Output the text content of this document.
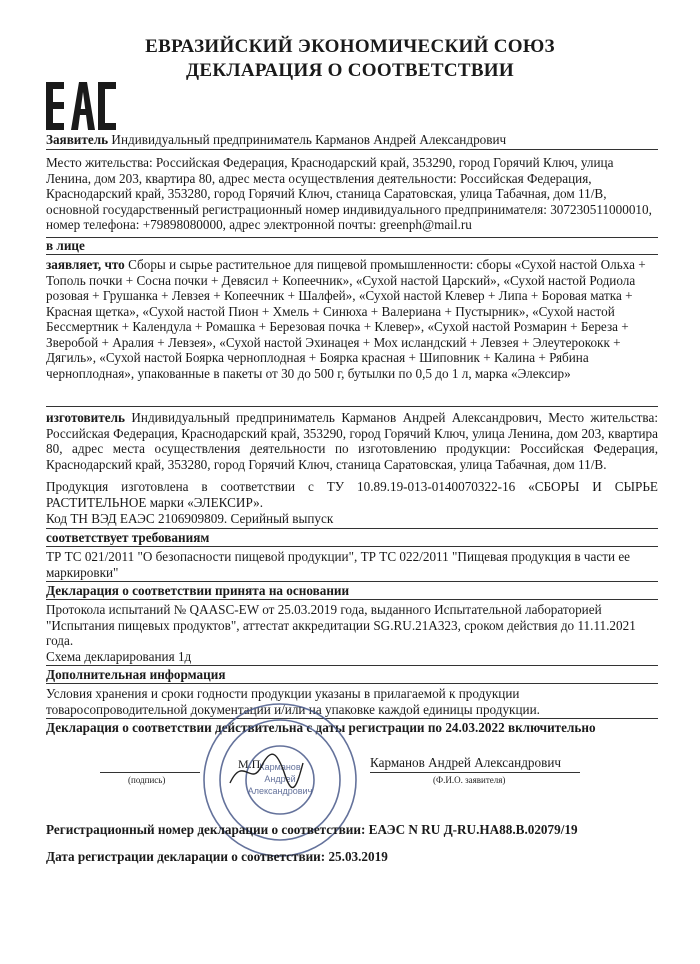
ЕВРАЗИЙСКИЙ ЭКОНОМИЧЕСКИЙ СОЮЗ
ДЕКЛАРАЦИЯ О СООТВЕТСТВИИ
Заявитель Индивидуальный предприниматель Карманов Андрей Александрович
Место жительства: Российская Федерация, Краснодарский край, 353290, город Горячий Ключ, улица Ленина, дом 203, квартира 80, адрес места осуществления деятельности: Российская Федерация, Краснодарский край, 353280, город Горячий Ключ, станица Саратовская, улица Табачная, дом 11/В, основной государственный регистрационный номер индивидуального предпринимателя: 307230511000010, номер телефона: +79898080000, адрес электронной почты: greenph@mail.ru
в лице
заявляет, что Сборы и сырье растительное для пищевой промышленности: сборы «Сухой настой Ольха + Тополь почки + Сосна почки + Девясил + Копеечник», «Сухой настой Царский», «Сухой настой Родиола розовая + Грушанка + Левзея + Копеечник + Шалфей», «Сухой настой Клевер + Липа + Боровая матка + Красная щетка», «Сухой настой Пион + Хмель + Синюха + Валериана + Пустырник», «Сухой настой Бессмертник + Календула + Ромашка + Березовая почка + Клевер», «Сухой настой Розмарин + Береза + Зверобой + Аралия + Левзея», «Сухой настой Эхинацея + Мох исландский + Левзея + Элеутерококк + Дягиль», «Сухой настой Боярка черноплодная + Боярка красная + Шиповник + Калина + Рябина черноплодная», упакованные в пакеты от 30 до 500 г, бутылки по 0,5 до 1 л, марка «Элексир»
изготовитель Индивидуальный предприниматель Карманов Андрей Александрович, Место жительства: Российская Федерация, Краснодарский край, 353290, город Горячий Ключ, улица Ленина, дом 203, квартира 80, адрес места осуществления деятельности по изготовлению продукции: Российская Федерация, Краснодарский край, 353280, город Горячий Ключ, станица Саратовская, улица Табачная, дом 11/В.
Продукция изготовлена в соответствии с ТУ 10.89.19-013-0140070322-16 «СБОРЫ И СЫРЬЕ РАСТИТЕЛЬНОЕ марки «ЭЛЕКСИР».
Код ТН ВЭД ЕАЭС 2106909809. Серийный выпуск
соответствует требованиям
ТР ТС 021/2011 "О безопасности пищевой продукции", ТР ТС 022/2011 "Пищевая продукция в части ее маркировки"
Декларация о соответствии принята на основании
Протокола испытаний № QAASC-EW от 25.03.2019 года, выданного Испытательной лабораторией "Испытания пищевых продуктов", аттестат аккредитации SG.RU.21A323, сроком действия до 11.11.2021 года.
Схема декларирования 1д
Дополнительная информация
Условия хранения и сроки годности продукции указаны в прилагаемой к продукции товаросопроводительной документации и/или на упаковке каждой единицы продукции.
Декларация о соответствии действительна с даты регистрации по 24.03.2022 включительно
(подпись)
Карманов Андрей Александрович
(Ф.И.О. заявителя)
М.П.
Карманов
Андрей
Александрович
Регистрационный номер декларации о соответствии: ЕАЭС N RU Д-RU.НА88.В.02079/19
Дата регистрации декларации о соответствии: 25.03.2019
